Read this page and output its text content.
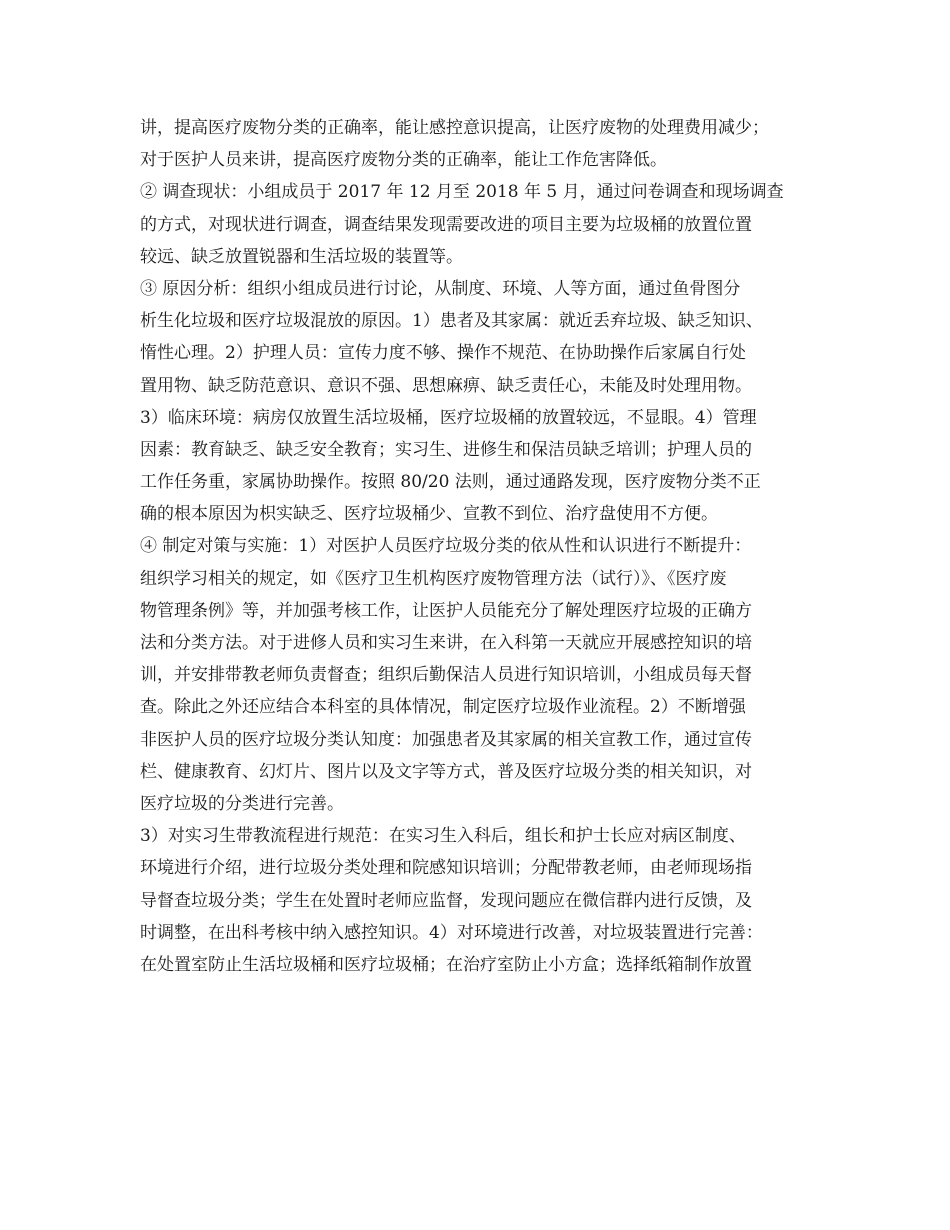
讲，提高医疗废物分类的正确率，能让感控意识提高，让医疗废物的处理费用减少；
对于医护人员来讲，提高医疗废物分类的正确率，能让工作危害降低。
② 调查现状：小组成员于 2017 年 12 月至 2018 年 5 月，通过问卷调查和现场调查
的方式，对现状进行调查，调查结果发现需要改进的项目主要为垃圾桶的放置位置
较远、缺乏放置锐器和生活垃圾的装置等。
③ 原因分析：组织小组成员进行讨论，从制度、环境、人等方面，通过鱼骨图分
析生化垃圾和医疗垃圾混放的原因。1）患者及其家属：就近丢弃垃圾、缺乏知识、
惰性心理。2）护理人员：宣传力度不够、操作不规范、在协助操作后家属自行处
置用物、缺乏防范意识、意识不强、思想麻痹、缺乏责任心，未能及时处理用物。
3）临床环境：病房仅放置生活垃圾桶，医疗垃圾桶的放置较远，不显眼。4）管理
因素：教育缺乏、缺乏安全教育；实习生、进修生和保洁员缺乏培训；护理人员的
工作任务重，家属协助操作。按照 80/20 法则，通过通路发现，医疗废物分类不正
确的根本原因为枳实缺乏、医疗垃圾桶少、宣教不到位、治疗盘使用不方便。
④ 制定对策与实施：1）对医护人员医疗垃圾分类的依从性和认识进行不断提升：
组织学习相关的规定，如《医疗卫生机构医疗废物管理方法（试行）》、《医疗废
物管理条例》等，并加强考核工作，让医护人员能充分了解处理医疗垃圾的正确方
法和分类方法。对于进修人员和实习生来讲，在入科第一天就应开展感控知识的培
训，并安排带教老师负责督查；组织后勤保洁人员进行知识培训，小组成员每天督
查。除此之外还应结合本科室的具体情况，制定医疗垃圾作业流程。2）不断增强
非医护人员的医疗垃圾分类认知度：加强患者及其家属的相关宣教工作，通过宣传
栏、健康教育、幻灯片、图片以及文字等方式，普及医疗垃圾分类的相关知识，对
医疗垃圾的分类进行完善。
3）对实习生带教流程进行规范：在实习生入科后，组长和护士长应对病区制度、
环境进行介绍，进行垃圾分类处理和院感知识培训；分配带教老师，由老师现场指
导督查垃圾分类；学生在处置时老师应监督，发现问题应在微信群内进行反馈，及
时调整，在出科考核中纳入感控知识。4）对环境进行改善，对垃圾装置进行完善：
在处置室防止生活垃圾桶和医疗垃圾桶；在治疗室防止小方盒；选择纸箱制作放置
